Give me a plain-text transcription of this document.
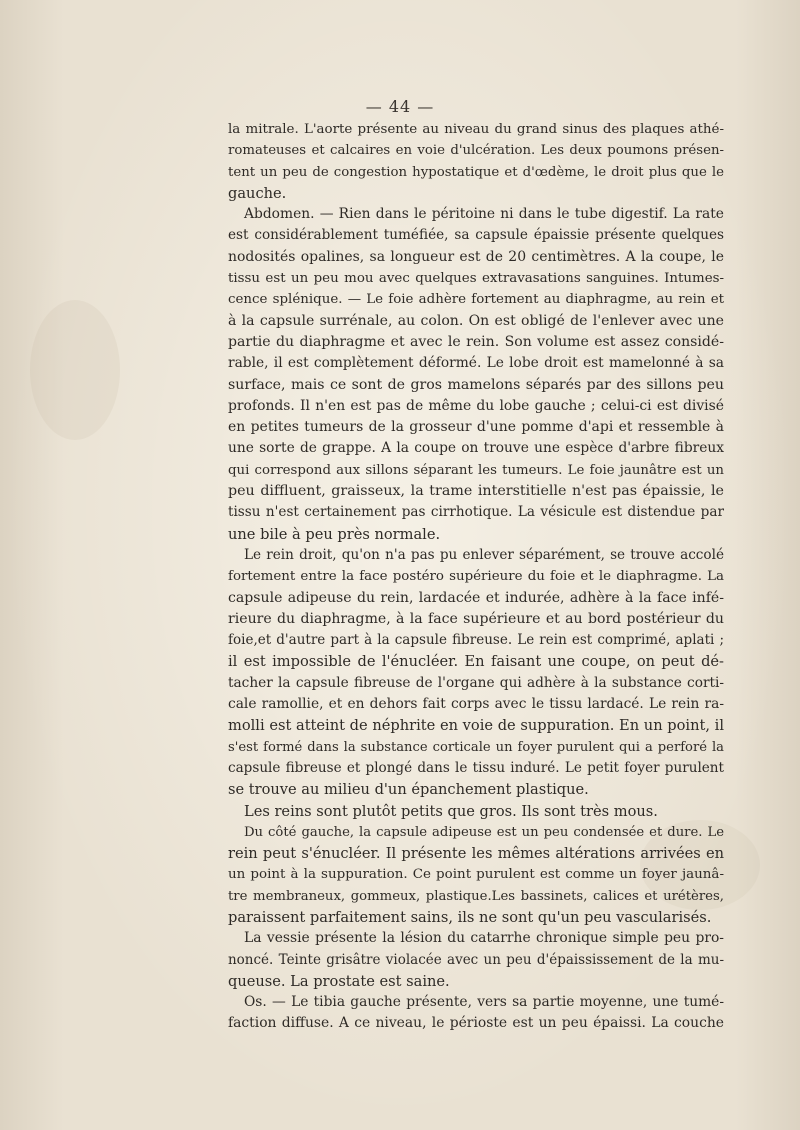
— 44 —
la mitrale. L'aorte présente au niveau du grand sinus des plaques athé-
romateuses et calcaires en voie d'ulcération. Les deux poumons présen-
tent un peu de congestion hypostatique et d'œdème, le droit plus que le
gauche.
Abdomen. — Rien dans le péritoine ni dans le tube digestif. La rate
est considérablement tuméfiée, sa capsule épaissie présente quelques
nodosités opalines, sa longueur est de 20 centimètres. A la coupe, le
tissu est un peu mou avec quelques extravasations sanguines. Intumes-
cence splénique. — Le foie adhère fortement au diaphragme, au rein et
à la capsule surrénale, au colon. On est obligé de l'enlever avec une
partie du diaphragme et avec le rein. Son volume est assez considé-
rable, il est complètement déformé. Le lobe droit est mamelonné à sa
surface, mais ce sont de gros mamelons séparés par des sillons peu
profonds. Il n'en est pas de même du lobe gauche ; celui-ci est divisé
en petites tumeurs de la grosseur d'une pomme d'api et ressemble à
une sorte de grappe. A la coupe on trouve une espèce d'arbre fibreux
qui correspond aux sillons séparant les tumeurs. Le foie jaunâtre est un
peu diffluent, graisseux, la trame interstitielle n'est pas épaissie, le
tissu n'est certainement pas cirrhotique. La vésicule est distendue par
une bile à peu près normale.
Le rein droit, qu'on n'a pas pu enlever séparément, se trouve accolé
fortement entre la face postéro supérieure du foie et le diaphragme. La
capsule adipeuse du rein, lardacée et indurée, adhère à la face infé-
rieure du diaphragme, à la face supérieure et au bord postérieur du
foie,et d'autre part à la capsule fibreuse. Le rein est comprimé, aplati ;
il est impossible de l'énucléer. En faisant une coupe, on peut dé-
tacher la capsule fibreuse de l'organe qui adhère à la substance corti-
cale ramollie, et en dehors fait corps avec le tissu lardacé. Le rein ra-
molli est atteint de néphrite en voie de suppuration. En un point, il
s'est formé dans la substance corticale un foyer purulent qui a perforé la
capsule fibreuse et plongé dans le tissu induré. Le petit foyer purulent
se trouve au milieu d'un épanchement plastique.
Les reins sont plutôt petits que gros. Ils sont très mous.
Du côté gauche, la capsule adipeuse est un peu condensée et dure. Le
rein peut s'énucléer. Il présente les mêmes altérations arrivées en
un point à la suppuration. Ce point purulent est comme un foyer jaunâ-
tre membraneux, gommeux, plastique.Les bassinets, calices et urétères,
paraissent parfaitement sains, ils ne sont qu'un peu vascularisés.
La vessie présente la lésion du catarrhe chronique simple peu pro-
noncé. Teinte grisâtre violacée avec un peu d'épaississement de la mu-
queuse. La prostate est saine.
Os. — Le tibia gauche présente, vers sa partie moyenne, une tumé-
faction diffuse. A ce niveau, le périoste est un peu épaissi. La couche
